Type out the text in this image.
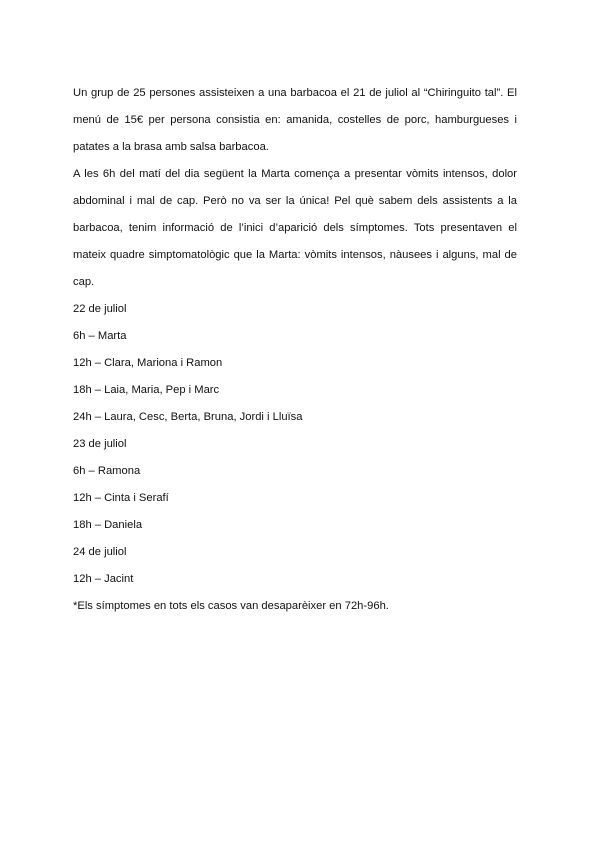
Un grup de 25 persones assisteixen a una barbacoa el 21 de juliol al “Chiringuito tal”. El menú de 15€ per persona consistia en: amanida, costelles de porc, hamburgueses i patates a la brasa amb salsa barbacoa.

A les 6h del matí del dia següent la Marta comença a presentar vòmits intensos, dolor abdominal i mal de cap. Però no va ser la única! Pel què sabem dels assistents a la barbacoa, tenim informació de l’inici d’aparició dels símptomes. Tots presentaven el mateix quadre simptomatològic que la Marta: vòmits intensos, nàusees i alguns, mal de cap.

22 de juliol

6h – Marta

12h – Clara, Mariona i Ramon

18h – Laia, Maria, Pep i Marc

24h – Laura, Cesc, Berta, Bruna, Jordi i Lluïsa

23 de juliol

6h – Ramona

12h – Cinta i Serafí

18h – Daniela

24 de juliol

12h – Jacint

*Els símptomes en tots els casos van desaparèixer en 72h-96h.
